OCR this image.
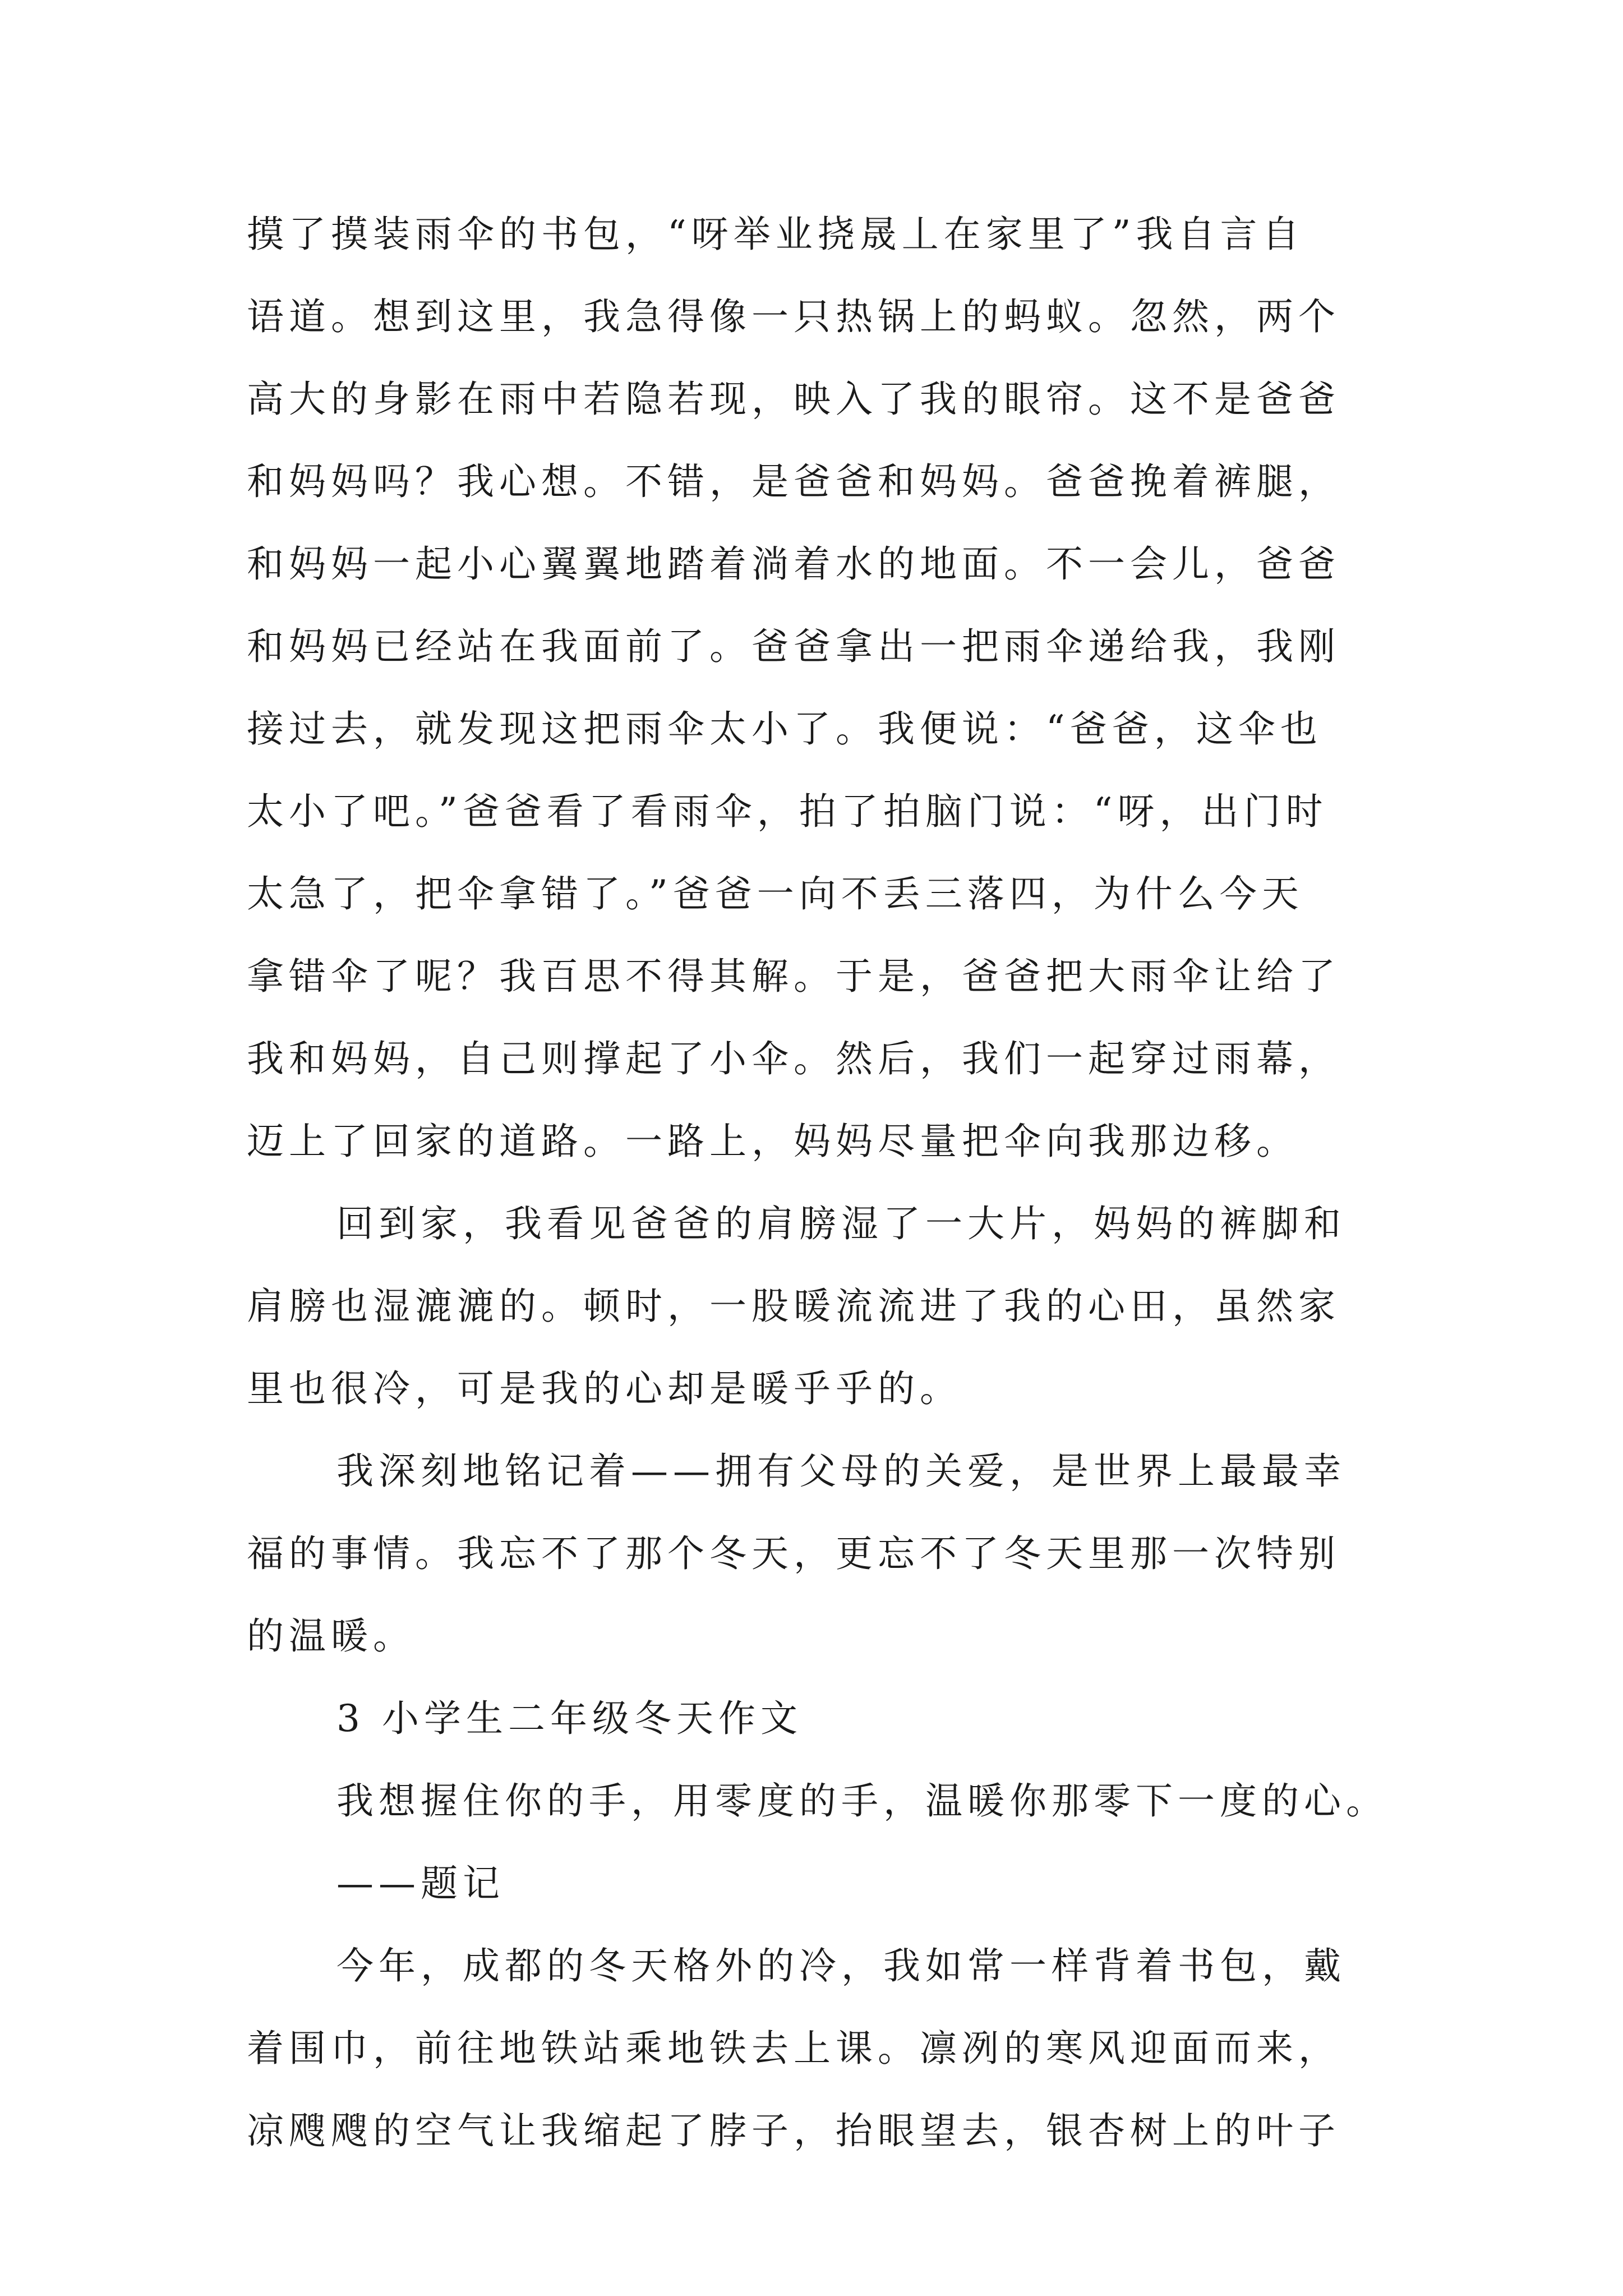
摸了摸装雨伞的书包，“呀举业挠晟丄在家里了”我自言自
语道。想到这里，我急得像一只热锅上的蚂蚁。忽然，两个
高大的身影在雨中若隐若现，映入了我的眼帘。这不是爸爸
和妈妈吗？我心想。不错，是爸爸和妈妈。爸爸挽着裤腿，
和妈妈一起小心翼翼地踏着淌着水的地面。不一会儿，爸爸
和妈妈已经站在我面前了。爸爸拿出一把雨伞递给我，我刚
接过去，就发现这把雨伞太小了。我便说：“爸爸，这伞也
太小了吧。”爸爸看了看雨伞，拍了拍脑门说：“呀，出门时
太急了，把伞拿错了。”爸爸一向不丢三落四，为什么今天
拿错伞了呢？我百思不得其解。于是，爸爸把大雨伞让给了
我和妈妈，自己则撑起了小伞。然后，我们一起穿过雨幕，
迈上了回家的道路。一路上，妈妈尽量把伞向我那边移。
回到家，我看见爸爸的肩膀湿了一大片，妈妈的裤脚和
肩膀也湿漉漉的。顿时，一股暖流流进了我的心田，虽然家
里也很冷，可是我的心却是暖乎乎的。
我深刻地铭记着——拥有父母的关爱，是世界上最最幸
福的事情。我忘不了那个冬天，更忘不了冬天里那一次特别
的温暖。
3 小学生二年级冬天作文
我想握住你的手，用零度的手，温暖你那零下一度的心。
——题记
今年，成都的冬天格外的冷，我如常一样背着书包，戴
着围巾，前往地铁站乘地铁去上课。凛冽的寒风迎面而来，
凉飕飕的空气让我缩起了脖子，抬眼望去，银杏树上的叶子
